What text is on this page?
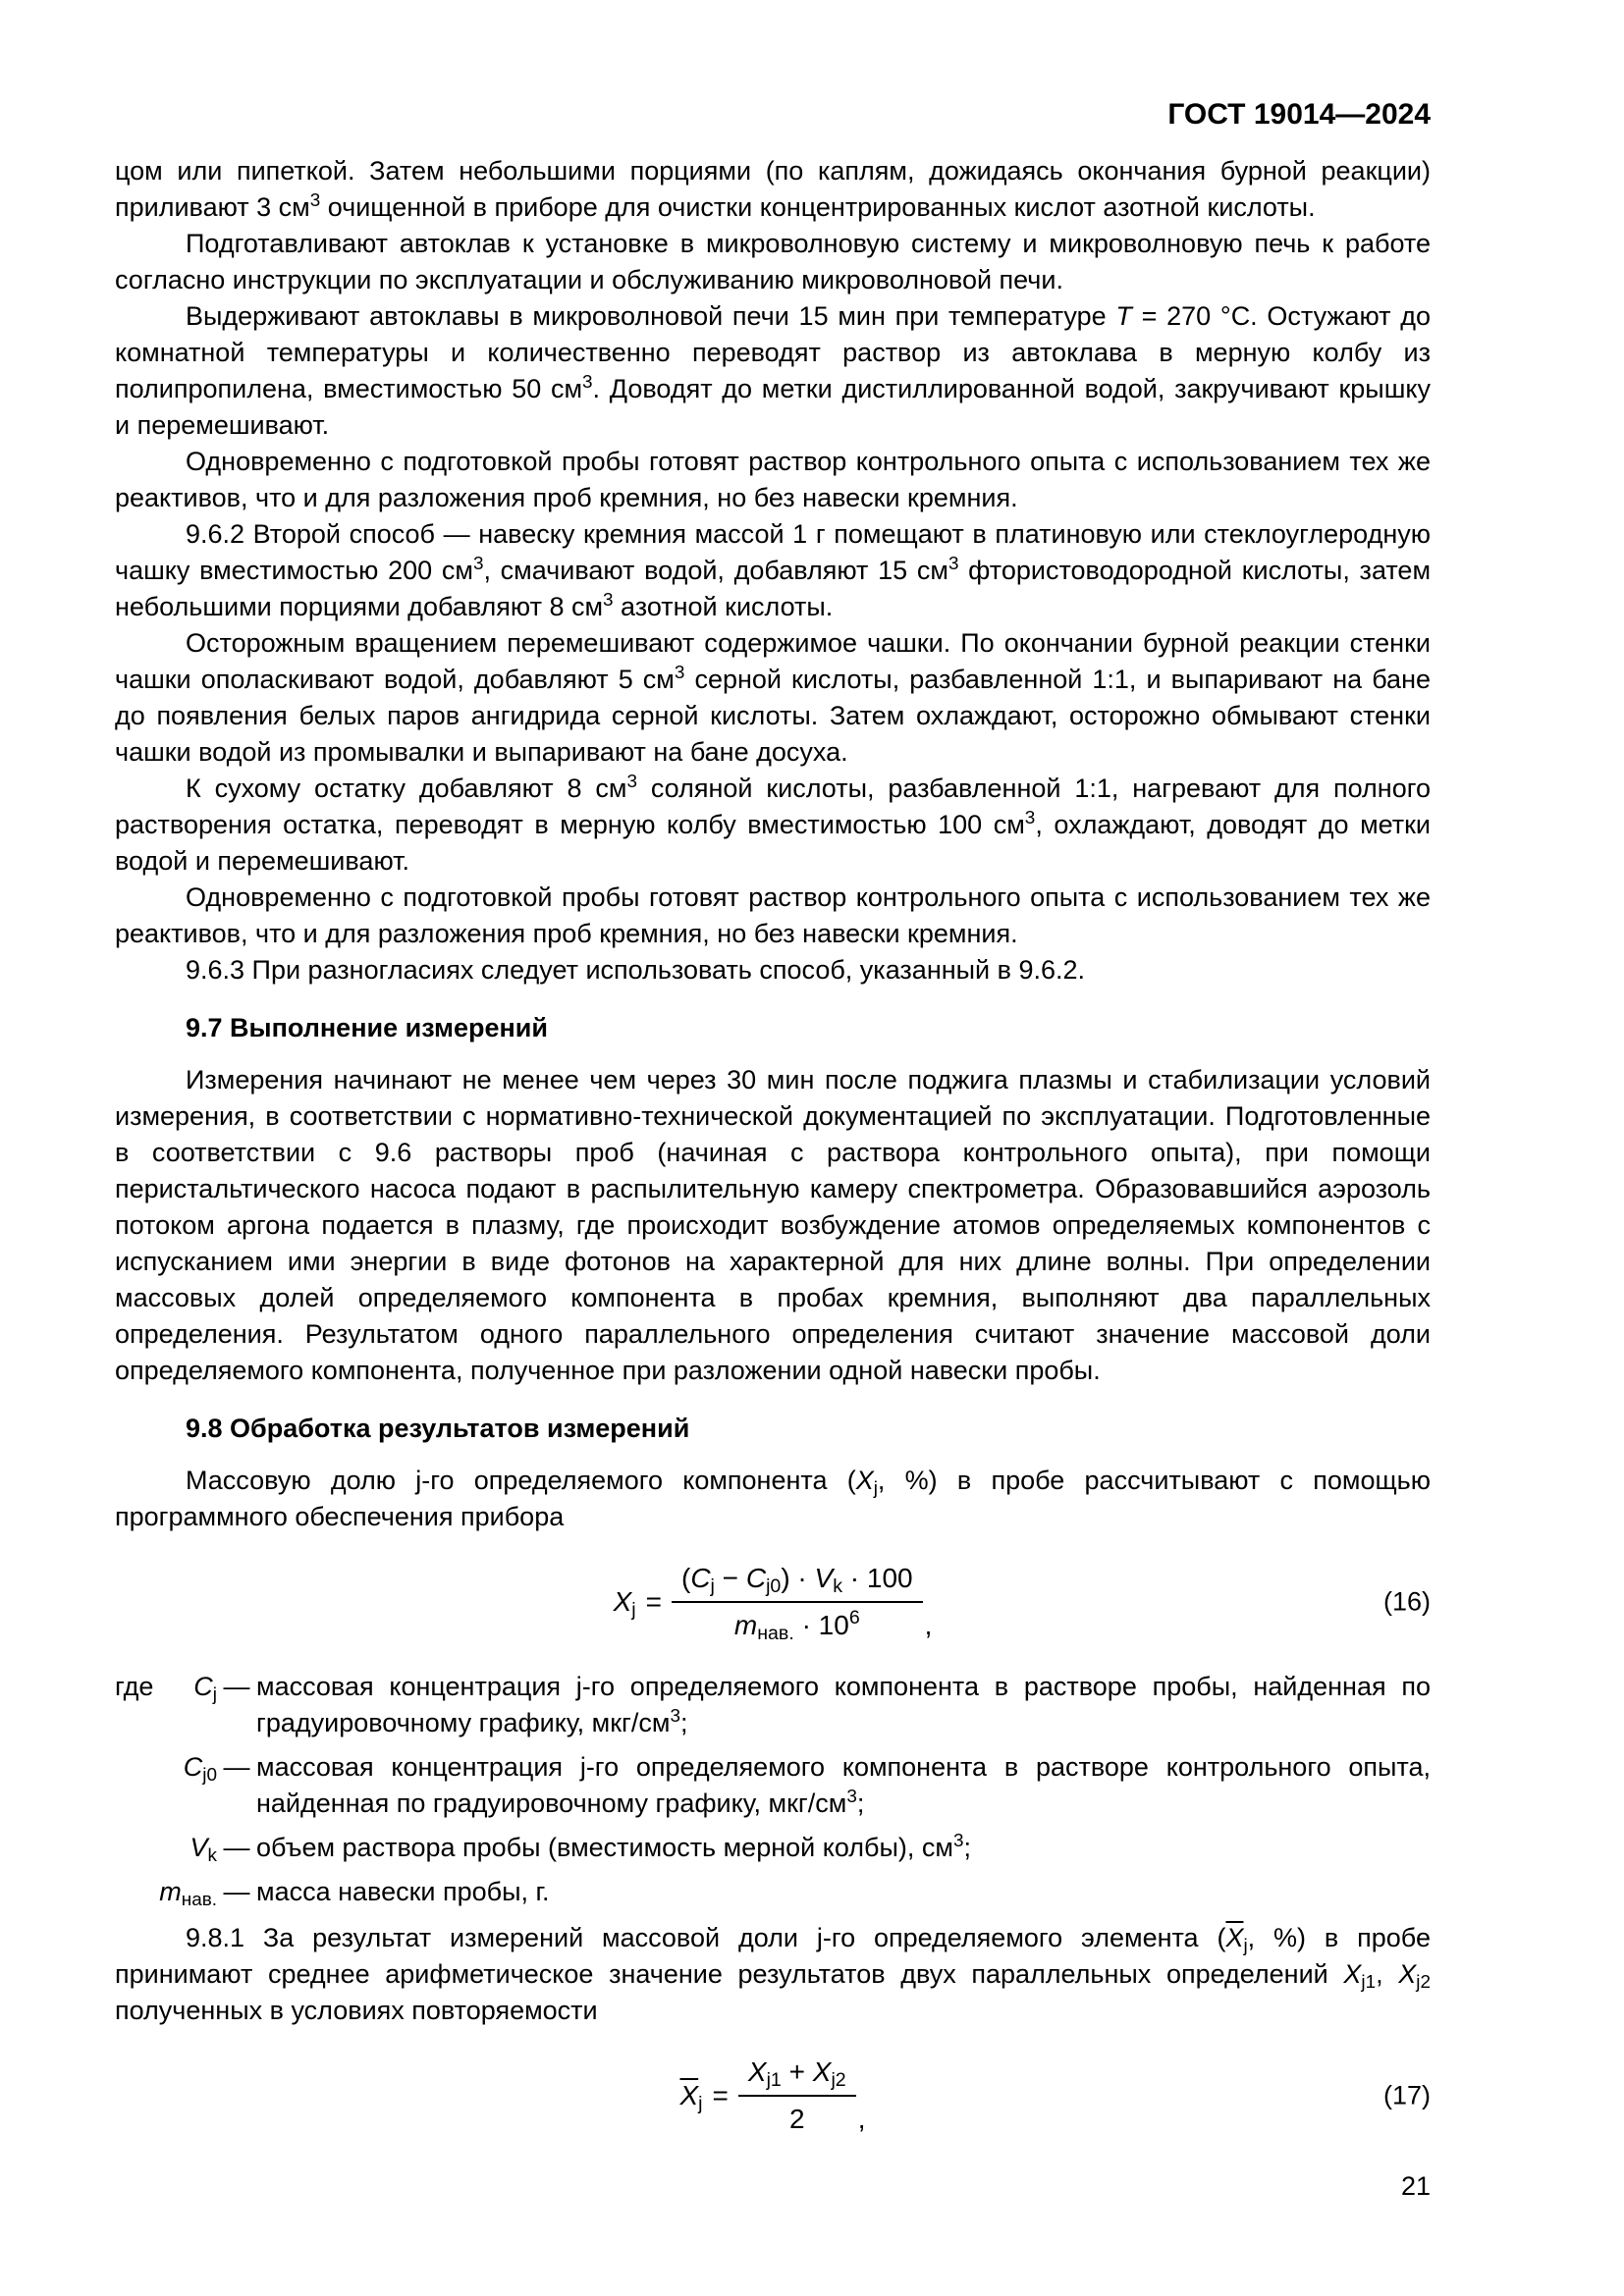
ГОСТ 19014—2024

цом или пипеткой. Затем небольшими порциями (по каплям, дожидаясь окончания бурной реакции) приливают 3 $см^3$ очищенной в приборе для очистки концентрированных кислот азотной кислоты.

Подготавливают автоклав к установке в микроволновую систему и микроволновую печь к работе согласно инструкции по эксплуатации и обслуживанию микроволновой печи.

Выдерживают автоклавы в микроволновой печи 15 мин при температуре T = 270 °С. Остужают до комнатной температуры и количественно переводят раствор из автоклава в мерную колбу из полипропилена, вместимостью 50 $см^3$. Доводят до метки дистиллированной водой, закручивают крышку и перемешивают.

Одновременно с подготовкой пробы готовят раствор контрольного опыта с использованием тех же реактивов, что и для разложения проб кремния, но без навески кремния.

9.6.2 Второй способ — навеску кремния массой 1 г помещают в платиновую или стеклоуглеродную чашку вместимостью 200 $см^3$, смачивают водой, добавляют 15 $см^3$ фтористоводородной кислоты, затем небольшими порциями добавляют 8 $см^3$ азотной кислоты.

Осторожным вращением перемешивают содержимое чашки. По окончании бурной реакции стенки чашки ополаскивают водой, добавляют 5 $см^3$ серной кислоты, разбавленной 1:1, и выпаривают на бане до появления белых паров ангидрида серной кислоты. Затем охлаждают, осторожно обмывают стенки чашки водой из промывалки и выпаривают на бане досуха.

К сухому остатку добавляют 8 $см^3$ соляной кислоты, разбавленной 1:1, нагревают для полного растворения остатка, переводят в мерную колбу вместимостью 100 $см^3$, охлаждают, доводят до метки водой и перемешивают.

Одновременно с подготовкой пробы готовят раствор контрольного опыта с использованием тех же реактивов, что и для разложения проб кремния, но без навески кремния.

9.6.3 При разногласиях следует использовать способ, указанный в 9.6.2.

9.7 Выполнение измерений

Измерения начинают не менее чем через 30 мин после поджига плазмы и стабилизации условий измерения, в соответствии с нормативно-технической документацией по эксплуатации. Подготовленные в соответствии с 9.6 растворы проб (начиная с раствора контрольного опыта), при помощи перистальтического насоса подают в распылительную камеру спектрометра. Образовавшийся аэрозоль потоком аргона подается в плазму, где происходит возбуждение атомов определяемых компонентов с испусканием ими энергии в виде фотонов на характерной для них длине волны. При определении массовых долей определяемого компонента в пробах кремния, выполняют два параллельных определения. Результатом одного параллельного определения считают значение массовой доли определяемого компонента, полученное при разложении одной навески пробы.

9.8 Обработка результатов измерений

Массовую долю j-го определяемого компонента (Xj, %) в пробе рассчитывают с помощью программного обеспечения прибора

$Xj = \frac{(Cj - Cj0) \cdot Vk \cdot 100}{mнав. \cdot 10^6}$ ,
(16)
где Cj — массовая концентрация j-го определяемого компонента в растворе пробы, найденная по градуировочному графику, мкг/$см^3$;
Cj0 — массовая концентрация j-го определяемого компонента в растворе контрольного опыта, найденная по градуировочному графику, мкг/$см^3$;
Vk — объем раствора пробы (вместимость мерной колбы), $см^3$;
mнав. — масса навески пробы, г.

9.8.1 За результат измерений массовой доли j-го определяемого элемента ($\overline{X}j$, %) в пробе принимают среднее арифметическое значение результатов двух параллельных определений Xj1, Xj2 полученных в условиях повторяемости

$\overline{X}j = \frac{Xj1 + Xj2}{2}$ ,
(17)
21
